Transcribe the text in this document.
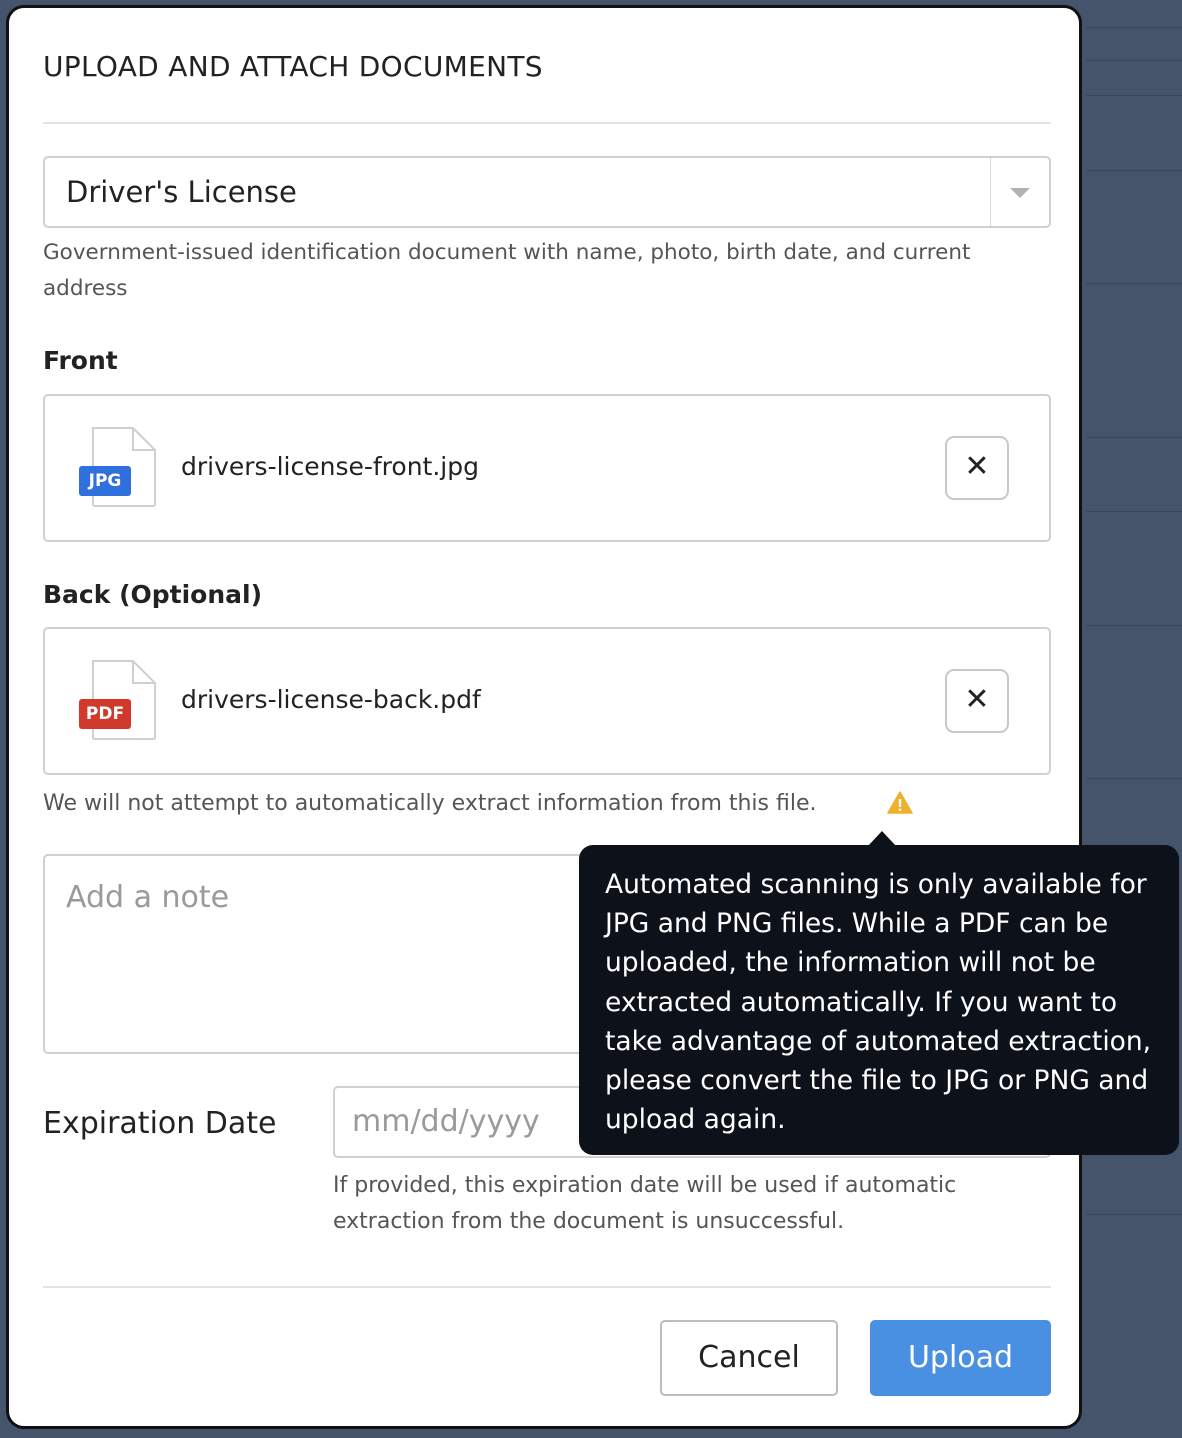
UPLOAD AND ATTACH DOCUMENTS
Driver's License
Government-issued identification document with name, photo, birth date, and current address
Front
JPG	drivers-license-front.jpg	✕
Back (Optional)
PDF drivers-license-back.pdf	✕
We will not attempt to automatically extract information from this file.
Add a note
Expiration Date	mm/dd/yyyy
If provided, this expiration date will be used if automatic extraction from the document is unsuccessful.
Cancel	Upload
Automated scanning is only available for JPG and PNG files. While a PDF can be uploaded, the information will not be extracted automatically. If you want to take advantage of automated extraction, please convert the file to JPG or PNG and upload again.
